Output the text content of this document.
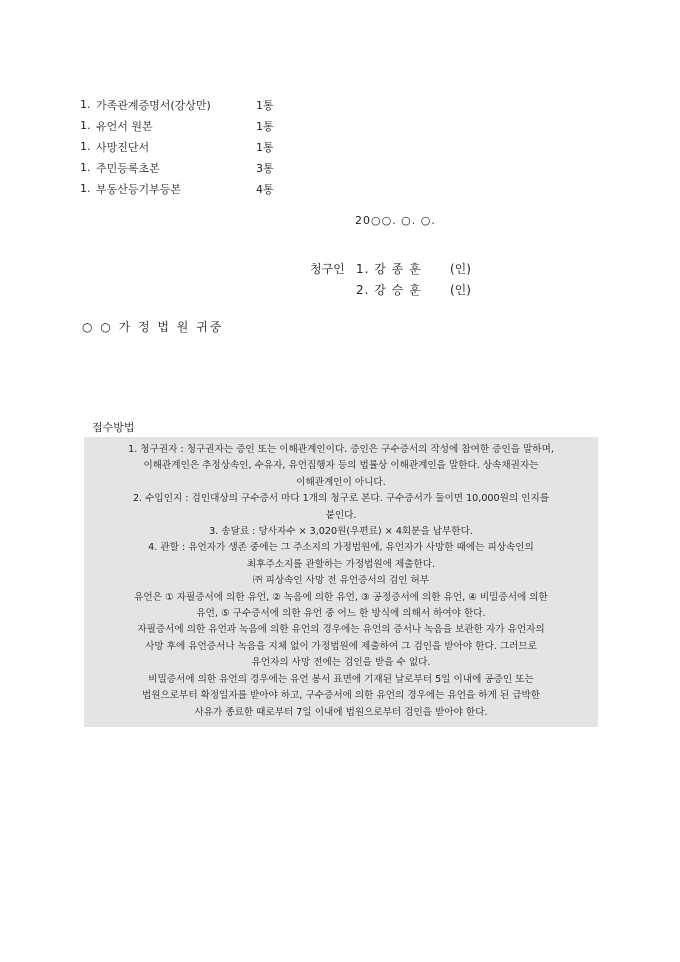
1. 가족관계증명서(강상만)	1통
1. 유언서 원본	1통
1. 사망진단서	1통
1. 주민등록초본	3통
1. 부동산등기부등본	4통
20○○. ○. ○.
청구인 1. 강 종 훈	(인)
2. 강 승 훈	(인)
○ ○ 가 정 법 원 귀중
접수방법
1. 청구권자 : 청구권자는 증인 또는 이해관계인이다. 증인은 구수증서의 작성에 참여한 증인을 말하며,
이해관계인은 추정상속인, 수유자, 유언집행자 등의 법률상 이해관계인을 말한다. 상속채권자는
이해관계인이 아니다.
2. 수입인지 : 검인대상의 구수증서 마다 1개의 청구로 본다. 구수증서가 둘이면 10,000원의 인지를
붙인다.
3. 송달료 : 당사자수 × 3,020원(우편료) × 4회분을 납부한다.
4. 관할 : 유언자가 생존 중에는 그 주소지의 가정법원에, 유언자가 사망한 때에는 피상속인의
최후주소지를 관할하는 가정법원에 제출한다.
㈜ 피상속인 사망 전 유언증서의 검인 허부
유언은 ① 자필증서에 의한 유언, ② 녹음에 의한 유언, ③ 공정증서에 의한 유언, ④ 비밀증서에 의한
유언, ⑤ 구수증서에 의한 유언 중 어느 한 방식에 의해서 하여야 한다.
자필증서에 의한 유언과 녹음에 의한 유언의 경우에는 유언의 증서나 녹음을 보관한 자가 유언자의
사망 후에 유언증서나 녹음을 지체 없이 가정법원에 제출하여 그 검인을 받아야 한다. 그러므로
유언자의 사망 전에는 검인을 받을 수 없다.
비밀증서에 의한 유언의 경우에는 유언 봉서 표면에 기재된 날로부터 5일 이내에 공증인 또는
법원으로부터 확정일자를 받아야 하고, 구수증서에 의한 유언의 경우에는 유언을 하게 된 급박한
사유가 종료한 때로부터 7일 이내에 법원으로부터 검인을 받아야 한다.
